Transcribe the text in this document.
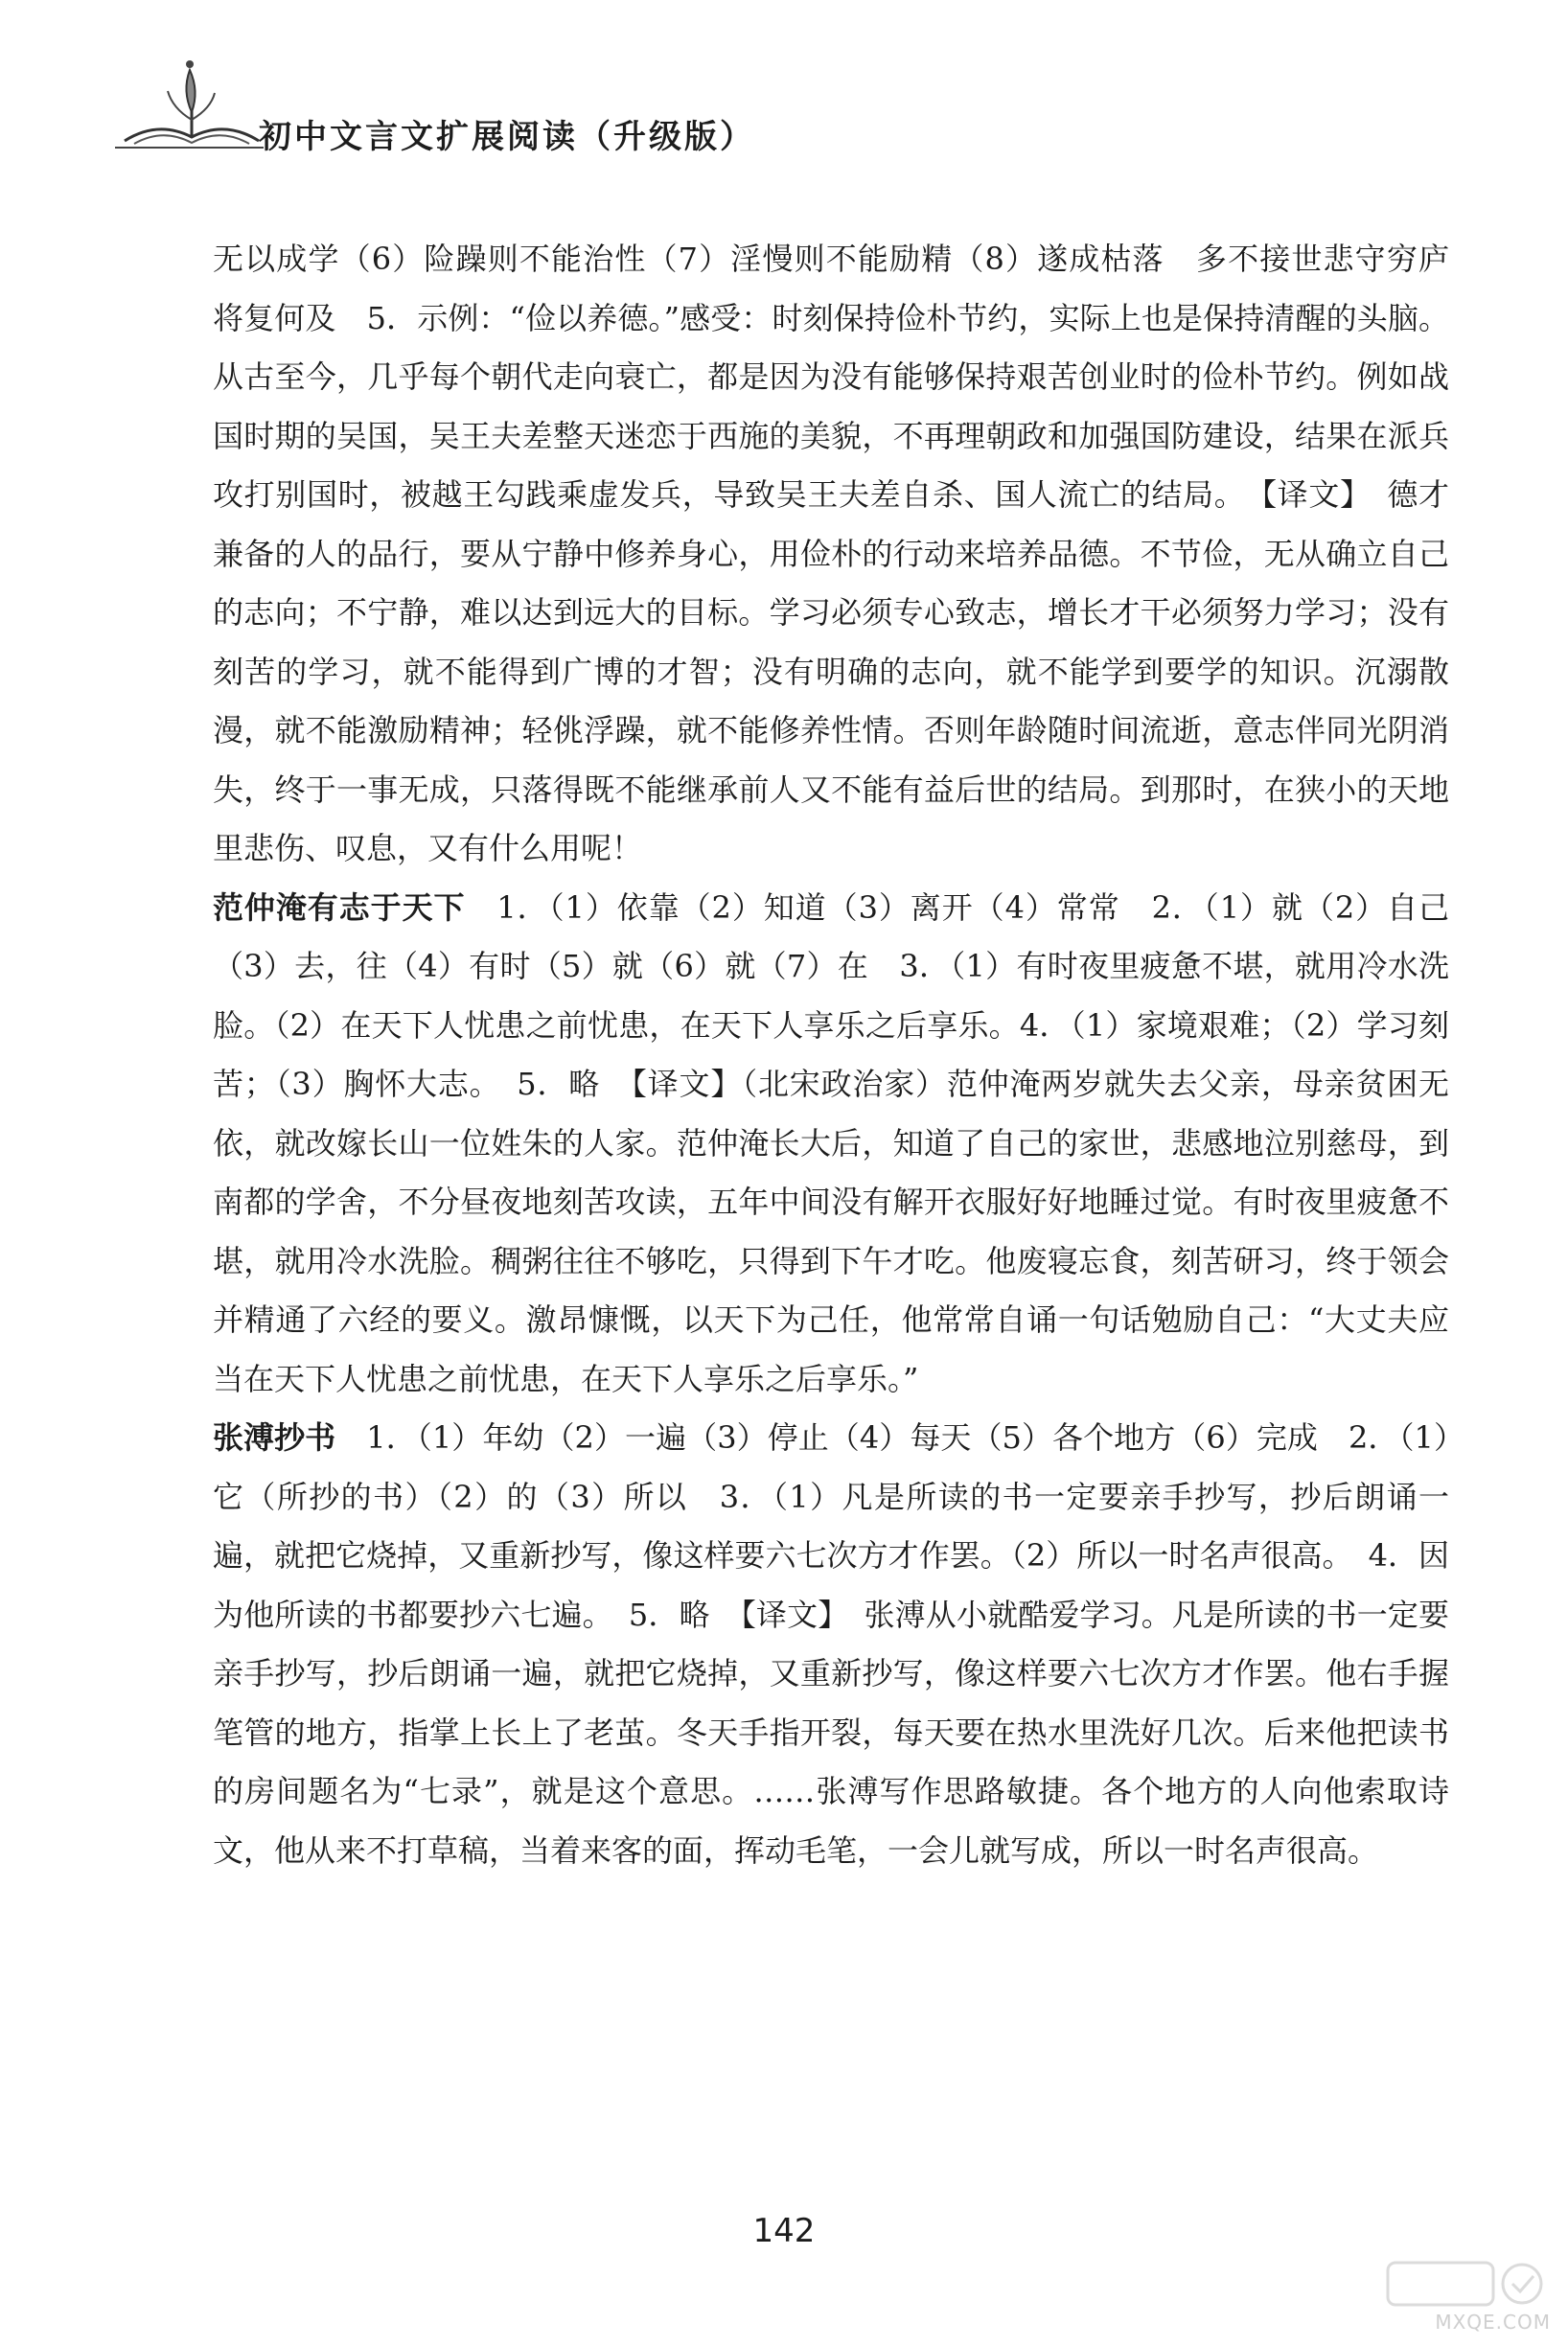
初中文言文扩展阅读（升级版）

无以成学（6）险躁则不能治性（7）淫慢则不能励精（8）遂成枯落　多不接世悲守穷庐　将复何及　5．示例：“俭以养德。”感受：时刻保持俭朴节约，实际上也是保持清醒的头脑。从古至今，几乎每个朝代走向衰亡，都是因为没有能够保持艰苦创业时的俭朴节约。例如战国时期的吴国，吴王夫差整天迷恋于西施的美貌，不再理朝政和加强国防建设，结果在派兵攻打别国时，被越王勾践乘虚发兵，导致吴王夫差自杀、国人流亡的结局。　【译文】　德才兼备的人的品行，要从宁静中修养身心，用俭朴的行动来培养品德。不节俭，无从确立自己的志向；不宁静，难以达到远大的目标。学习必须专心致志，增长才干必须努力学习；没有刻苦的学习，就不能得到广博的才智；没有明确的志向，就不能学到要学的知识。沉溺散漫，就不能激励精神；轻佻浮躁，就不能修养性情。否则年龄随时间流逝，意志伴同光阴消失，终于一事无成，只落得既不能继承前人又不能有益后世的结局。到那时，在狭小的天地里悲伤、叹息，又有什么用呢！

范仲淹有志于天下　1．（1）依靠（2）知道（3）离开（4）常常　2．（1）就（2）自己（3）去，往（4）有时（5）就（6）就（7）在　3．（1）有时夜里疲惫不堪，就用冷水洗脸。（2）在天下人忧患之前忧患，在天下人享乐之后享乐。4．（1）家境艰难；（2）学习刻苦；（3）胸怀大志。　5．略　【译文】（北宋政治家）范仲淹两岁就失去父亲，母亲贫困无依，就改嫁长山一位姓朱的人家。范仲淹长大后，知道了自己的家世，悲感地泣别慈母，到南都的学舍，不分昼夜地刻苦攻读，五年中间没有解开衣服好好地睡过觉。有时夜里疲惫不堪，就用冷水洗脸。稠粥往往不够吃，只得到下午才吃。他废寝忘食，刻苦研习，终于领会并精通了六经的要义。激昂慷慨，以天下为己任，他常常自诵一句话勉励自己：“大丈夫应当在天下人忧患之前忧患，在天下人享乐之后享乐。”

张溥抄书　1．（1）年幼（2）一遍（3）停止（4）每天（5）各个地方（6）完成　2．（1）它（所抄的书）（2）的（3）所以　3．（1）凡是所读的书一定要亲手抄写，抄后朗诵一遍，就把它烧掉，又重新抄写，像这样要六七次方才作罢。（2）所以一时名声很高。　4．因为他所读的书都要抄六七遍。　5．略　【译文】　张溥从小就酷爱学习。凡是所读的书一定要亲手抄写，抄后朗诵一遍，就把它烧掉，又重新抄写，像这样要六七次方才作罢。他右手握笔管的地方，指掌上长上了老茧。冬天手指开裂，每天要在热水里洗好几次。后来他把读书的房间题名为“七录”，就是这个意思。……张溥写作思路敏捷。各个地方的人向他索取诗文，他从来不打草稿，当着来客的面，挥动毛笔，一会儿就写成，所以一时名声很高。

142
MXQE.COM
